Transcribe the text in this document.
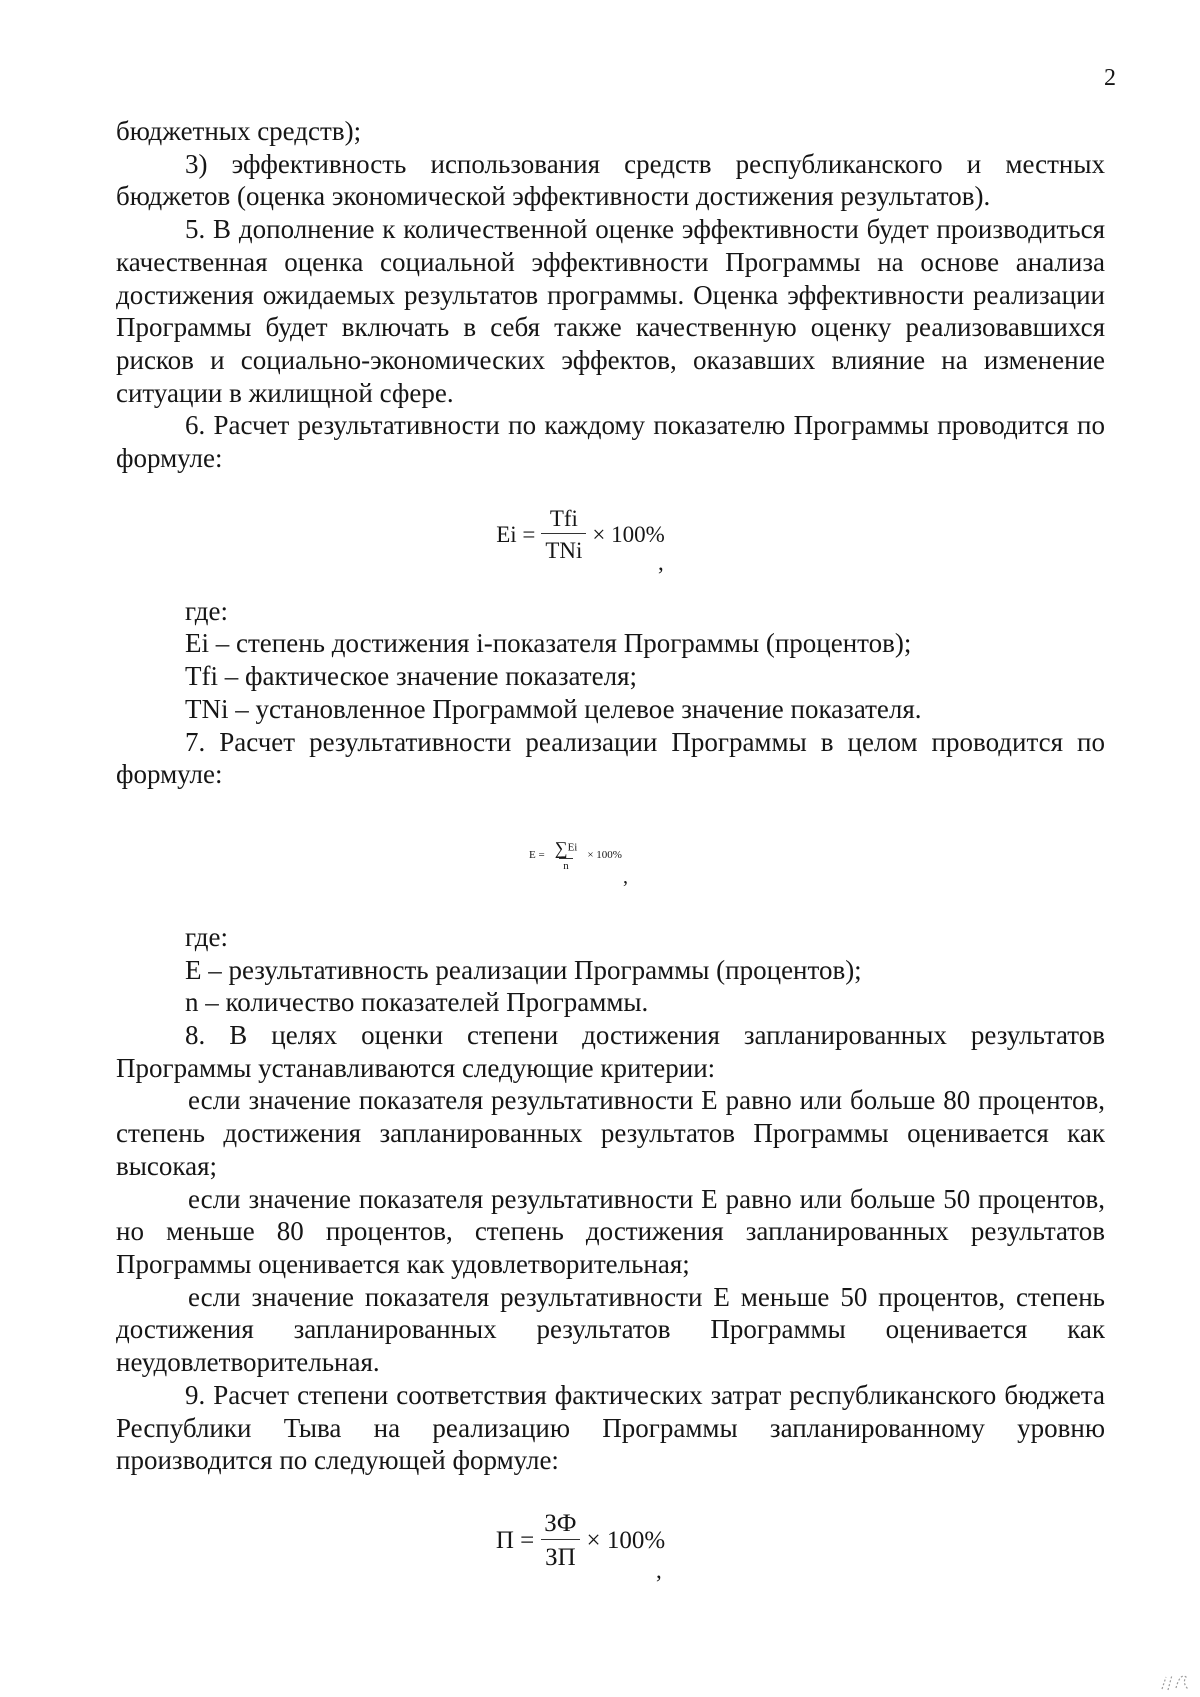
2

бюджетных средств);

3) эффективность использования средств республиканского и местных бюджетов (оценка экономической эффективности достижения результатов).

5. В дополнение к количественной оценке эффективности будет производиться качественная оценка социальной эффективности Программы на основе анализа достижения ожидаемых результатов программы. Оценка эффективности реализации Программы будет включать в себя также качественную оценку реализовавшихся рисков и социально-экономических эффектов, оказавших влияние на изменение ситуации в жилищной сфере.

6. Расчет результативности по каждому показателю Программы проводится по формуле:

$Ei = \frac{\text{Tfi}}{\text{TNi}} \times 100\%$
,

где:

Ei – степень достижения i-показателя Программы (процентов);

Tfi – фактическое значение показателя;

TNi – установленное Программой целевое значение показателя.

7. Расчет результативности реализации Программы в целом проводится по формуле:

$E = \frac{\sum Ei}{n} \times 100\%$
,

где:

E – результативность реализации Программы (процентов);

n – количество показателей Программы.

8. В целях оценки степени достижения запланированных результатов Программы устанавливаются следующие критерии:

если значение показателя результативности E равно или больше 80 процентов, степень достижения запланированных результатов Программы оценивается как высокая;

если значение показателя результативности E равно или больше 50 процентов, но меньше 80 процентов, степень достижения запланированных результатов Программы оценивается как удовлетворительная;

если значение показателя результативности E меньше 50 процентов, степень достижения запланированных результатов Программы оценивается как неудовлетворительная.

9. Расчет степени соответствия фактических затрат республиканского бюджета Республики Тыва на реализацию Программы запланированному уровню производится по следующей формуле:

$П = \frac{ЗФ}{ЗП} \times 100\%$
,
